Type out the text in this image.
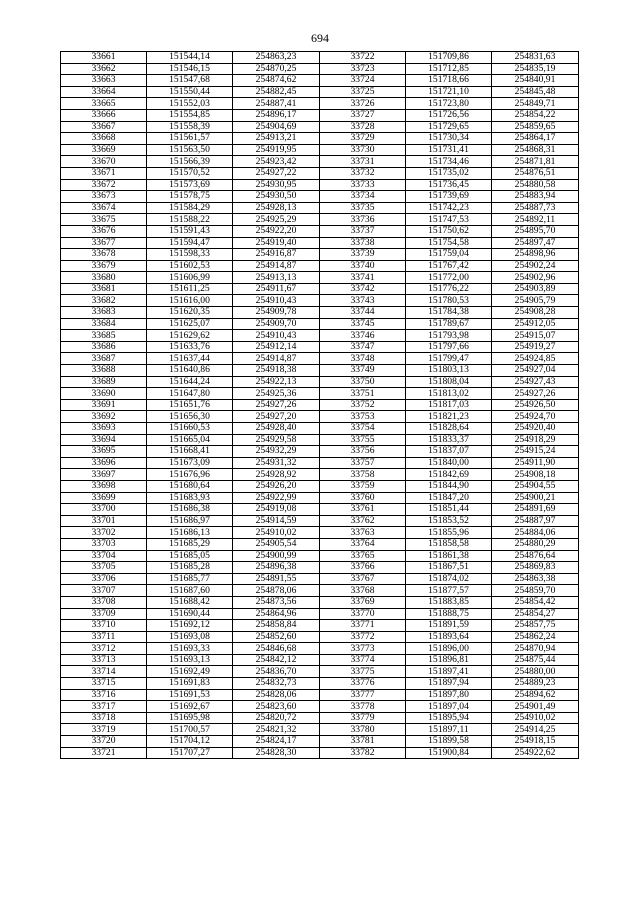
694
33661	151544,14	254863,23	33722	151709,86	254831,63
33662	151546,15	254870,25	33723	151712,85	254835,19
33663	151547,68	254874,62	33724	151718,66	254840,91
33664	151550,44	254882,45	33725	151721,10	254845,48
33665	151552,03	254887,41	33726	151723,80	254849,71
33666	151554,85	254896,17	33727	151726,56	254854,22
33667	151558,39	254904,69	33728	151729,65	254859,65
33668	151561,57	254913,21	33729	151730,34	254864,17
33669	151563,50	254919,95	33730	151731,41	254868,31
33670	151566,39	254923,42	33731	151734,46	254871,81
33671	151570,52	254927,22	33732	151735,02	254876,51
33672	151573,69	254930,95	33733	151736,45	254880,58
33673	151578,75	254930,50	33734	151739,69	254883,94
33674	151584,29	254928,13	33735	151742,23	254887,73
33675	151588,22	254925,29	33736	151747,53	254892,11
33676	151591,43	254922,20	33737	151750,62	254895,70
33677	151594,47	254919,40	33738	151754,58	254897,47
33678	151598,33	254916,87	33739	151759,04	254898,96
33679	151602,53	254914,87	33740	151767,42	254902,24
33680	151606,99	254913,13	33741	151772,00	254902,96
33681	151611,25	254911,67	33742	151776,22	254903,89
33682	151616,00	254910,43	33743	151780,53	254905,79
33683	151620,35	254909,78	33744	151784,38	254908,28
33684	151625,07	254909,70	33745	151789,67	254912,05
33685	151629,62	254910,43	33746	151793,98	254915,07
33686	151633,76	254912,14	33747	151797,66	254919,27
33687	151637,44	254914,87	33748	151799,47	254924,85
33688	151640,86	254918,38	33749	151803,13	254927,04
33689	151644,24	254922,13	33750	151808,04	254927,43
33690	151647,80	254925,36	33751	151813,02	254927,26
33691	151651,76	254927,26	33752	151817,03	254926,50
33692	151656,30	254927,20	33753	151821,23	254924,70
33693	151660,53	254928,40	33754	151828,64	254920,40
33694	151665,04	254929,58	33755	151833,37	254918,29
33695	151668,41	254932,29	33756	151837,07	254915,24
33696	151673,09	254931,32	33757	151840,00	254911,90
33697	151676,96	254928,92	33758	151842,69	254908,18
33698	151680,64	254926,20	33759	151844,90	254904,55
33699	151683,93	254922,99	33760	151847,20	254900,21
33700	151686,38	254919,08	33761	151851,44	254891,69
33701	151686,97	254914,59	33762	151853,52	254887,97
33702	151686,13	254910,02	33763	151855,96	254884,06
33703	151685,29	254905,54	33764	151858,58	254880,29
33704	151685,05	254900,99	33765	151861,38	254876,64
33705	151685,28	254896,38	33766	151867,51	254869,83
33706	151685,77	254891,55	33767	151874,02	254863,38
33707	151687,60	254878,06	33768	151877,57	254859,70
33708	151688,42	254873,56	33769	151883,85	254854,42
33709	151690,44	254864,96	33770	151888,75	254854,27
33710	151692,12	254858,84	33771	151891,59	254857,75
33711	151693,08	254852,60	33772	151893,64	254862,24
33712	151693,33	254846,68	33773	151896,00	254870,94
33713	151693,13	254842,12	33774	151896,81	254875,44
33714	151692,49	254836,70	33775	151897,41	254880,00
33715	151691,83	254832,73	33776	151897,94	254889,23
33716	151691,53	254828,06	33777	151897,80	254894,62
33717	151692,67	254823,60	33778	151897,04	254901,49
33718	151695,98	254820,72	33779	151895,94	254910,02
33719	151700,57	254821,32	33780	151897,11	254914,25
33720	151704,12	254824,17	33781	151899,58	254918,15
33721	151707,27	254828,30	33782	151900,84	254922,62
